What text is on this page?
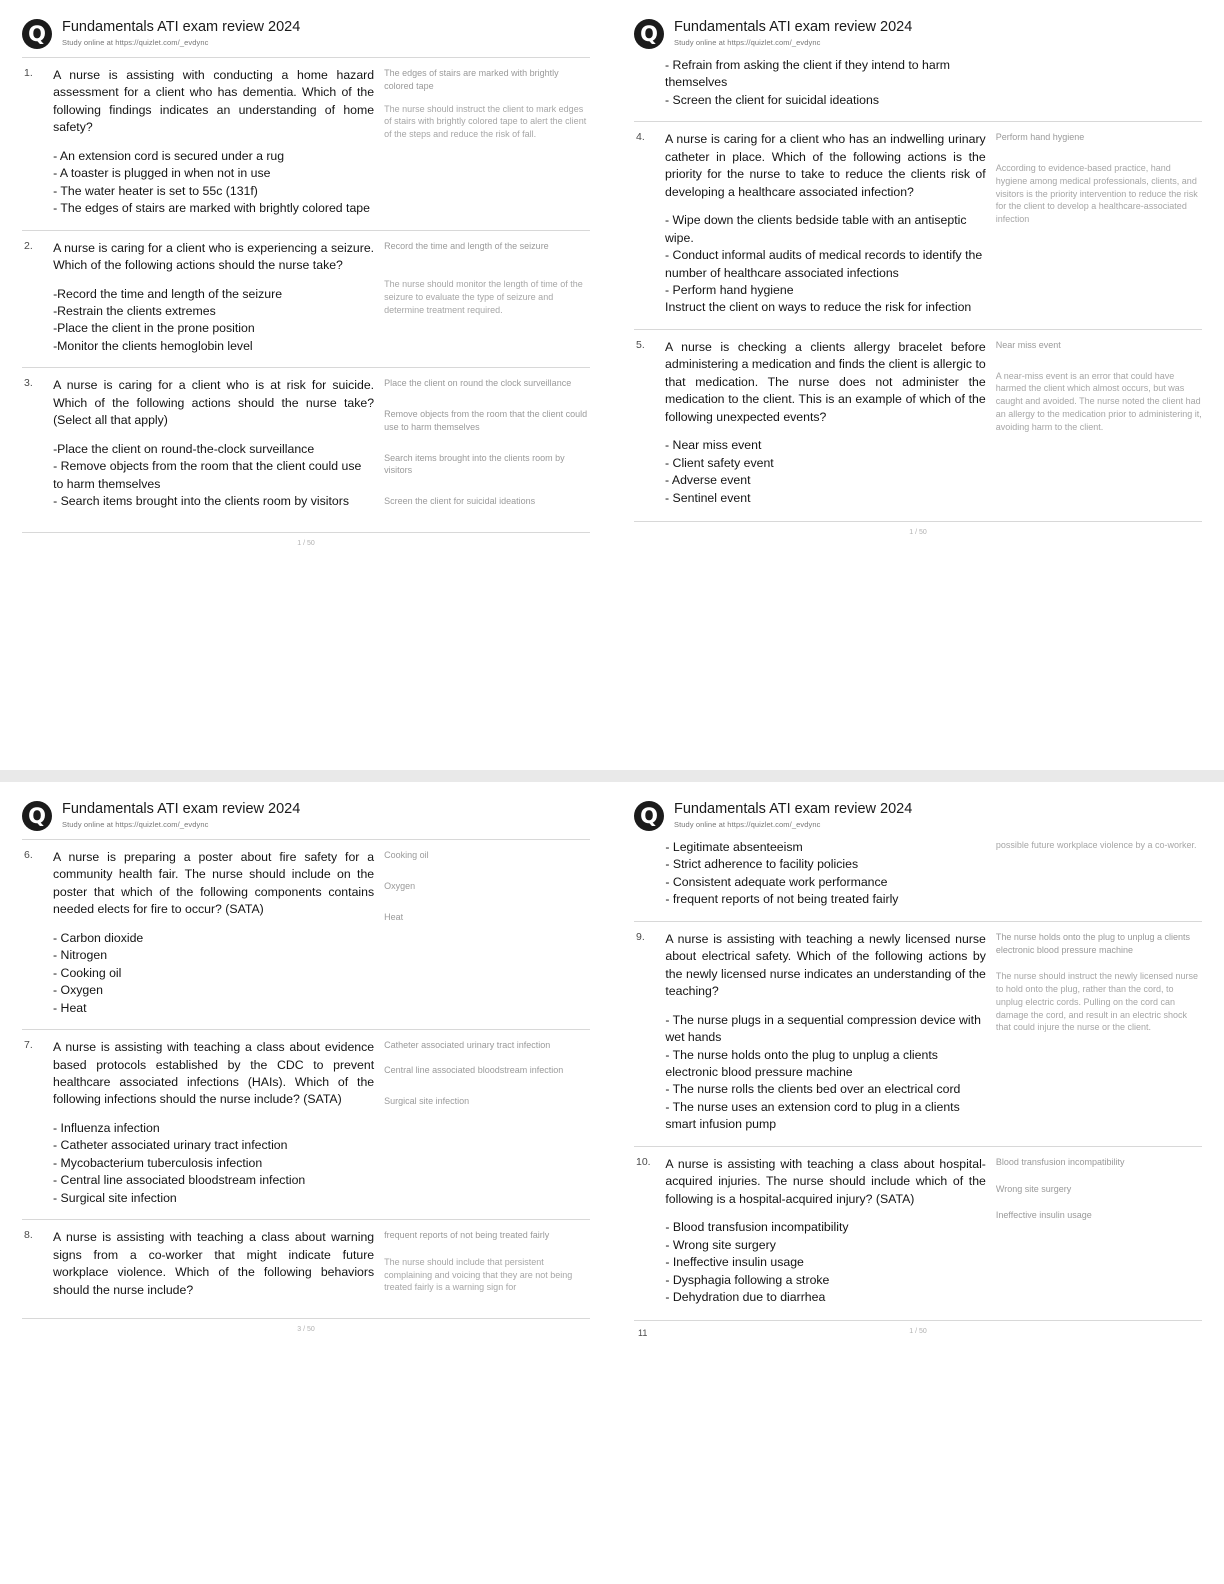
Q	Fundamentals ATI exam review 2024
Study online at https://quizlet.com/_evdync
1.	A nurse is assisting with conducting a home hazard assessment for a client who has dementia. Which of the following findings indicates an understanding of home safety?
- An extension cord is secured under a rug
- A toaster is plugged in when not in use
- The water heater is set to 55c (131f)
- The edges of stairs are marked with brightly colored tape

The edges of stairs are marked with brightly colored tape
The nurse should instruct the client to mark edges of stairs with brightly colored tape to alert the client of the steps and reduce the risk of fall.

2.	A nurse is caring for a client who is experiencing a seizure. Which of the following actions should the nurse take?
-Record the time and length of the seizure
-Restrain the clients extremes
-Place the client in the prone position
-Monitor the clients hemoglobin level

Record the time and length of the seizure
The nurse should monitor the length of time of the seizure to evaluate the type of seizure and determine treatment required.

3.	A nurse is caring for a client who is at risk for suicide. Which of the following actions should the nurse take? (Select all that apply)
-Place the client on round-the-clock surveillance
- Remove objects from the room that the client could use to harm themselves
- Search items brought into the clients room by visitors

Place the client on round the clock surveillance
Remove objects from the room that the client could use to harm themselves
Search items brought into the clients room by visitors
Screen the client for suicidal ideations
1 / 50
Q	Fundamentals ATI exam review 2024
Study online at https://quizlet.com/_evdync

	- Refrain from asking the client if they intend to harm themselves
- Screen the client for suicidal ideations	

4.	A nurse is caring for a client who has an indwelling urinary catheter in place. Which of the following actions is the priority for the nurse to take to reduce the clients risk of developing a healthcare associated infection?
- Wipe down the clients bedside table with an antiseptic wipe.
- Conduct informal audits of medical records to identify the number of healthcare associated infections
- Perform hand hygiene
Instruct the client on ways to reduce the risk for infection

Perform hand hygiene
According to evidence-based practice, hand hygiene among medical professionals, clients, and visitors is the priority intervention to reduce the risk for the client to develop a healthcare-associated infection

5.	A nurse is checking a clients allergy bracelet before administering a medication and finds the client is allergic to that medication. The nurse does not administer the medication to the client. This is an example of which of the following unexpected events?
- Near miss event
- Client safety event
- Adverse event
- Sentinel event

Near miss event
A near-miss event is an error that could have harmed the client which almost occurs, but was caught and avoided. The nurse noted the client had an allergy to the medication prior to administering it, avoiding harm to the client.
1 / 50
Q	Fundamentals ATI exam review 2024
Study online at https://quizlet.com/_evdync
6.	A nurse is preparing a poster about fire safety for a community health fair. The nurse should include on the poster that which of the following components contains needed elects for fire to occur? (SATA)
- Carbon dioxide
- Nitrogen
- Cooking oil
- Oxygen
- Heat

Cooking oil
Oxygen
Heat

7.	A nurse is assisting with teaching a class about evidence based protocols established by the CDC to prevent healthcare associated infections (HAIs). Which of the following infections should the nurse include? (SATA)
- Influenza infection
- Catheter associated urinary tract infection
- Mycobacterium tuberculosis infection
- Central line associated bloodstream infection
- Surgical site infection

Catheter associated urinary tract infection
Central line associated bloodstream infection
Surgical site infection

8.	A nurse is assisting with teaching a class about warning signs from a co-worker that might indicate future workplace violence. Which of the following behaviors should the nurse include?	frequent reports of not being treated fairly
The nurse should include that persistent complaining and voicing that they are not being treated fairly is a warning sign for
3 / 50
Q	Fundamentals ATI exam review 2024
Study online at https://quizlet.com/_evdync

	- Legitimate absenteeism
- Strict adherence to facility policies
- Consistent adequate work performance
- frequent reports of not being treated fairly	possible future workplace violence by a co-worker.

9.	A nurse is assisting with teaching a newly licensed nurse about electrical safety. Which of the following actions by the newly licensed nurse indicates an understanding of the teaching?
- The nurse plugs in a sequential compression device with wet hands
- The nurse holds onto the plug to unplug a clients electronic blood pressure machine
- The nurse rolls the clients bed over an electrical cord
- The nurse uses an extension cord to plug in a clients smart infusion pump

The nurse holds onto the plug to unplug a clients electronic blood pressure machine
The nurse should instruct the newly licensed nurse to hold onto the plug, rather than the cord, to unplug electric cords. Pulling on the cord can damage the cord, and result in an electric shock that could injure the nurse or the client.

10.	A nurse is assisting with teaching a class about hospital-acquired injuries. The nurse should include which of the following is a hospital-acquired injury? (SATA)
- Blood transfusion incompatibility
- Wrong site surgery
- Ineffective insulin usage
- Dysphagia following a stroke
- Dehydration due to diarrhea

Blood transfusion incompatibility
Wrong site surgery
Ineffective insulin usage
11	1 / 50
